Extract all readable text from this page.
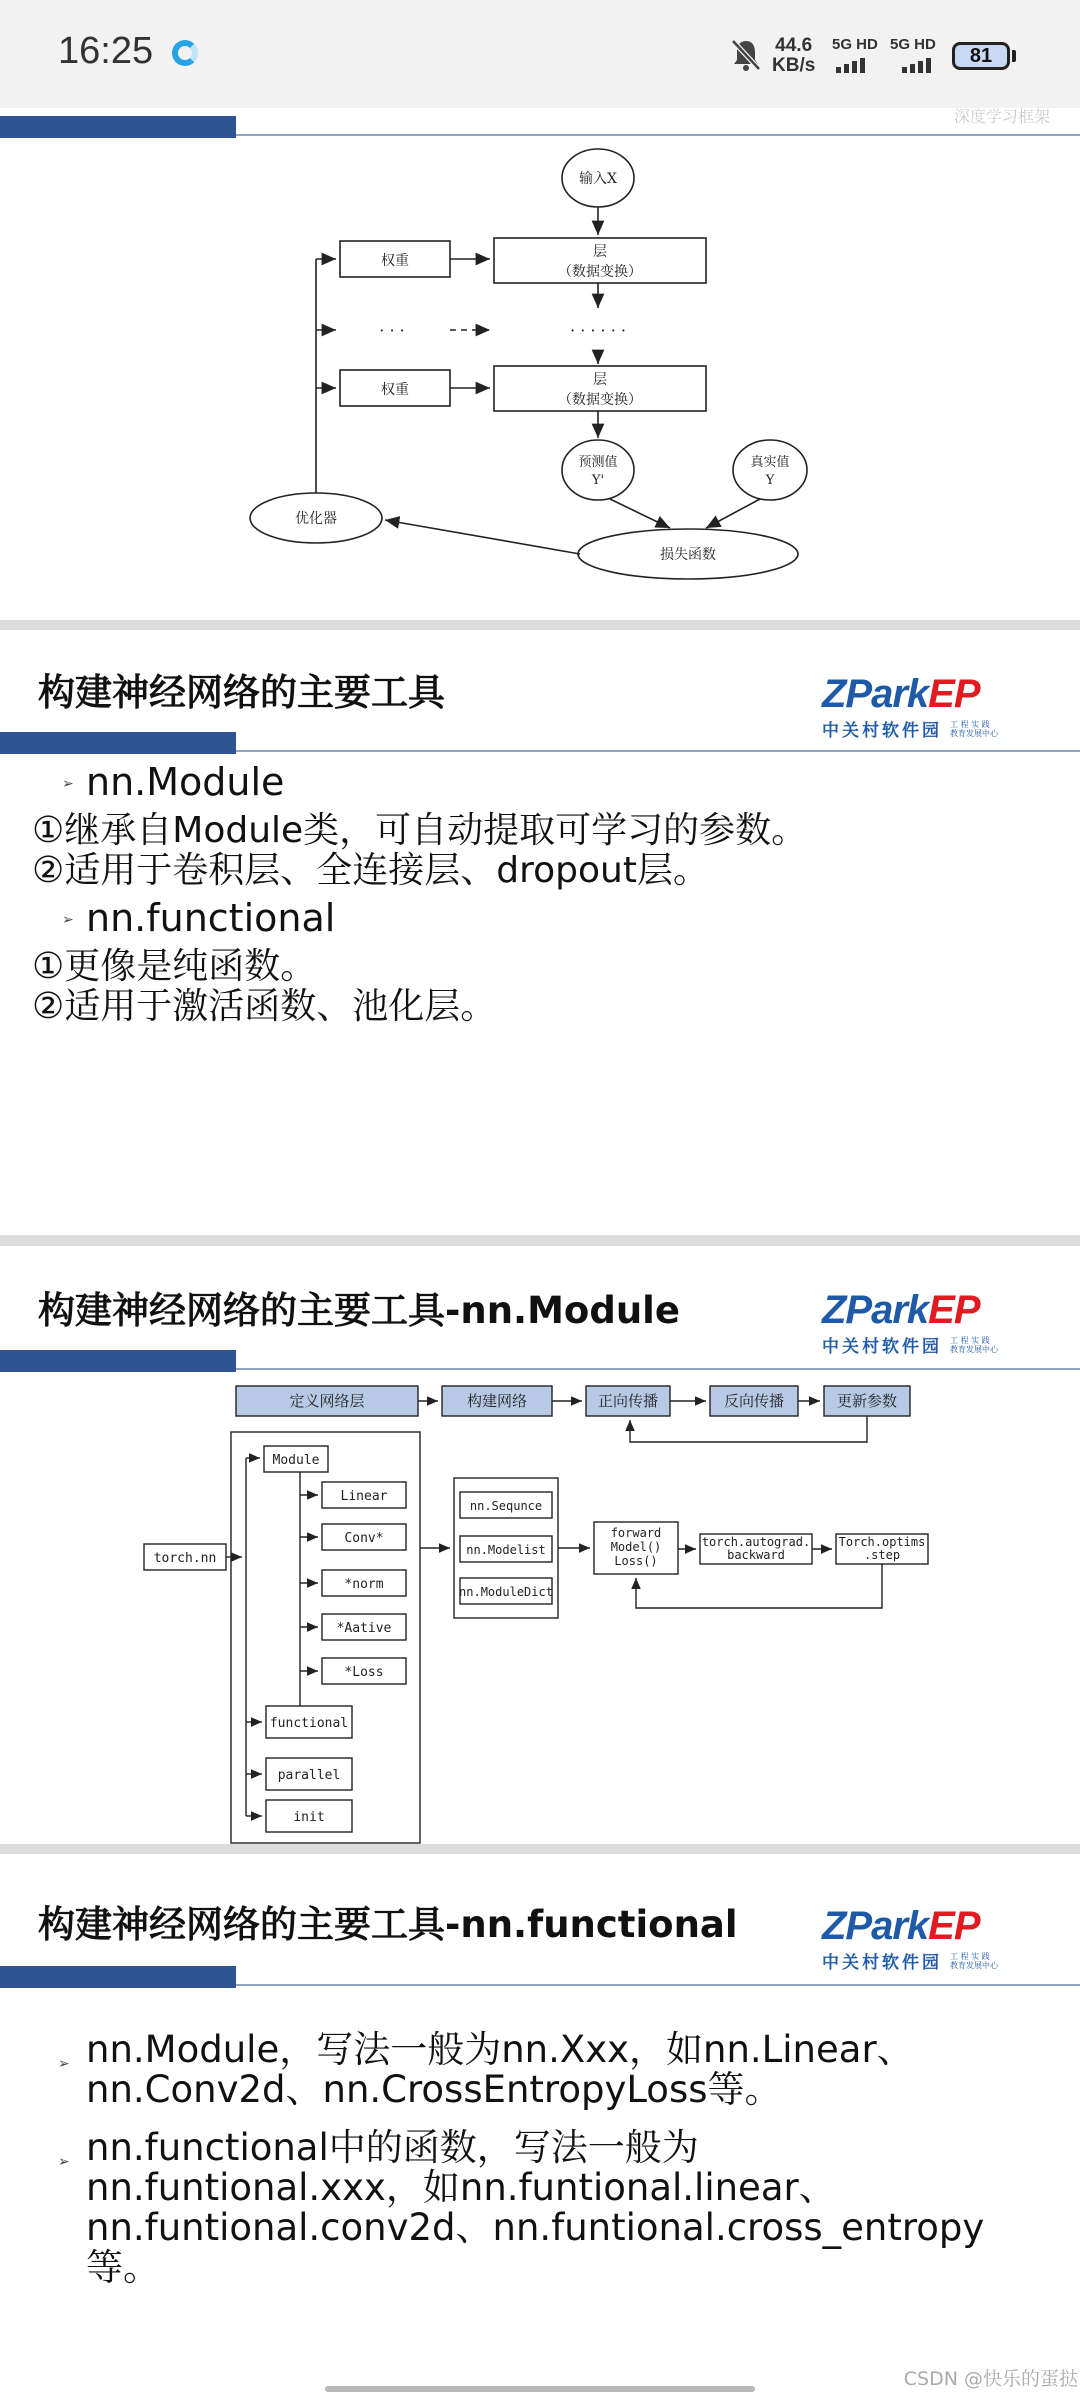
16:25	44.6
KB/s
5G HD 5G HD
81
深度学习框架
输入X
权重
层
（数据变换）
· · ·	· · · · · ·
权重
层
（数据变换）
预测值
Y'
真实值
Y
优化器
损失函数
构建神经网络的主要工具	ZParkEP
中关村软件园 工 程 实 践
教育发展中心
➢ nn.Module
①继承自Module类，可自动提取可学习的参数。
②适用于卷积层、全连接层、dropout层。
➢ nn.functional
①更像是纯函数。
②适用于激活函数、池化层。
构建神经网络的主要工具-nn.Module	ZParkEP
中关村软件园 工 程 实 践
教育发展中心
定义网络层	构建网络	正向传播	反向传播	更新参数
torch.nn
Module
Linear
Conv*
*norm
*Aative
*Loss
functional
parallel
init
nn.Sequnce
nn.Modelist
nn.ModuleDict
forward
Model()
Loss()
torch.autograd.
backward
Torch.optims
.step
构建神经网络的主要工具-nn.functional ZParkEP
中关村软件园 工 程 实 践
教育发展中心
➢ nn.Module，写法一般为nn.Xxx，如nn.Linear、nn.Conv2d、nn.CrossEntropyLoss等。
➢ nn.functional中的函数，写法一般为nn.funtional.xxx，如nn.funtional.linear、nn.funtional.conv2d、nn.funtional.cross_entropy等。
CSDN @快乐的蛋挞
